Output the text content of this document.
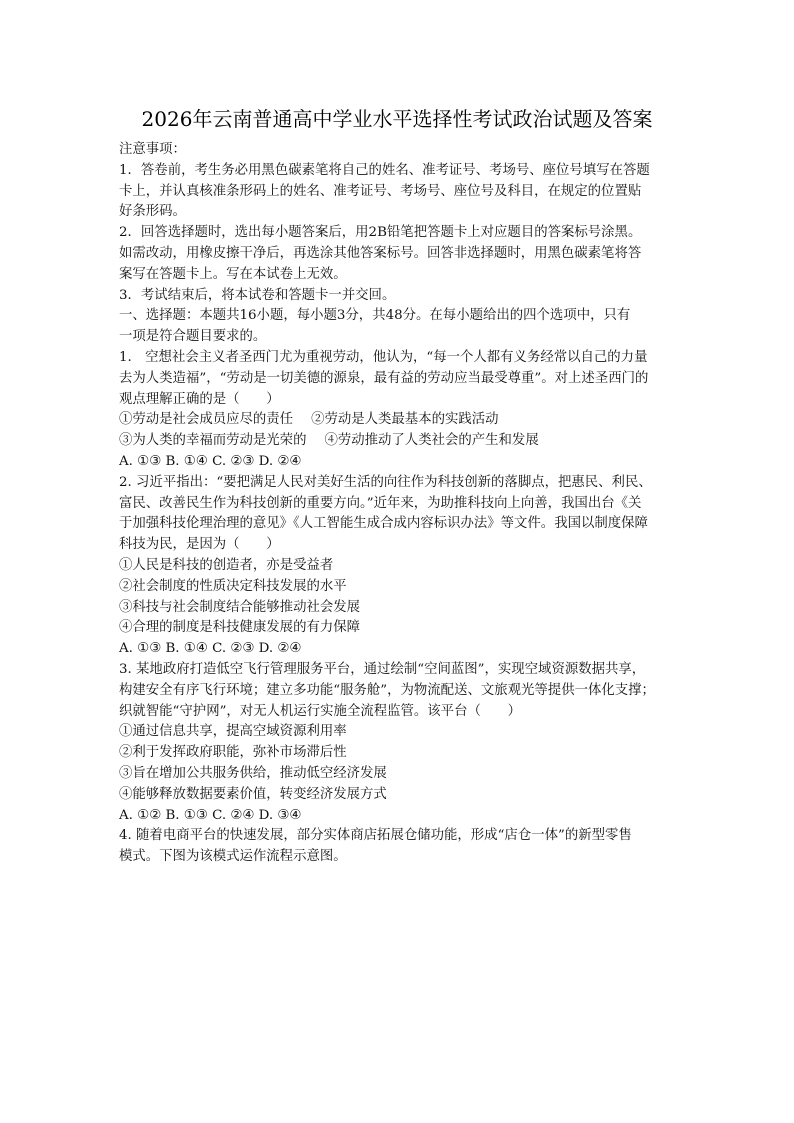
2026年云南普通高中学业水平选择性考试政治试题及答案
注意事项：
1．答卷前，考生务必用黑色碳素笔将自己的姓名、准考证号、考场号、座位号填写在答题
卡上，并认真核准条形码上的姓名、准考证号、考场号、座位号及科目，在规定的位置贴
好条形码。
2．回答选择题时，选出每小题答案后，用2B铅笔把答题卡上对应题目的答案标号涂黑。
如需改动，用橡皮擦干净后，再选涂其他答案标号。回答非选择题时，用黑色碳素笔将答
案写在答题卡上。写在本试卷上无效。
3．考试结束后，将本试卷和答题卡一并交回。
一、选择题：本题共16小题，每小题3分，共48分。在每小题给出的四个选项中，只有
一项是符合题目要求的。
1.　空想社会主义者圣西门尤为重视劳动，他认为，“每一个人都有义务经常以自己的力量
去为人类造福”，“劳动是一切美德的源泉，最有益的劳动应当最受尊重”。对上述圣西门的
观点理解正确的是（　　）
①劳动是社会成员应尽的责任 ②劳动是人类最基本的实践活动
③为人类的幸福而劳动是光荣的 ④劳动推动了人类社会的产生和发展
A. ①③ B. ①④ C. ②③ D. ②④
2. 习近平指出：“要把满足人民对美好生活的向往作为科技创新的落脚点，把惠民、利民、
富民、改善民生作为科技创新的重要方向。”近年来，为助推科技向上向善，我国出台《关
于加强科技伦理治理的意见》《人工智能生成合成内容标识办法》等文件。我国以制度保障
科技为民，是因为（　　）
①人民是科技的创造者，亦是受益者
②社会制度的性质决定科技发展的水平
③科技与社会制度结合能够推动社会发展
④合理的制度是科技健康发展的有力保障
A. ①③ B. ①④ C. ②③ D. ②④
3. 某地政府打造低空飞行管理服务平台，通过绘制“空间蓝图”，实现空域资源数据共享，
构建安全有序飞行环境；建立多功能“服务舱”，为物流配送、文旅观光等提供一体化支撑；
织就智能“守护网”，对无人机运行实施全流程监管。该平台（　　）
①通过信息共享，提高空域资源利用率
②利于发挥政府职能，弥补市场滞后性
③旨在增加公共服务供给，推动低空经济发展
④能够释放数据要素价值，转变经济发展方式
A. ①② B. ①③ C. ②④ D. ③④
4. 随着电商平台的快速发展，部分实体商店拓展仓储功能，形成“店仓一体”的新型零售
模式。下图为该模式运作流程示意图。
